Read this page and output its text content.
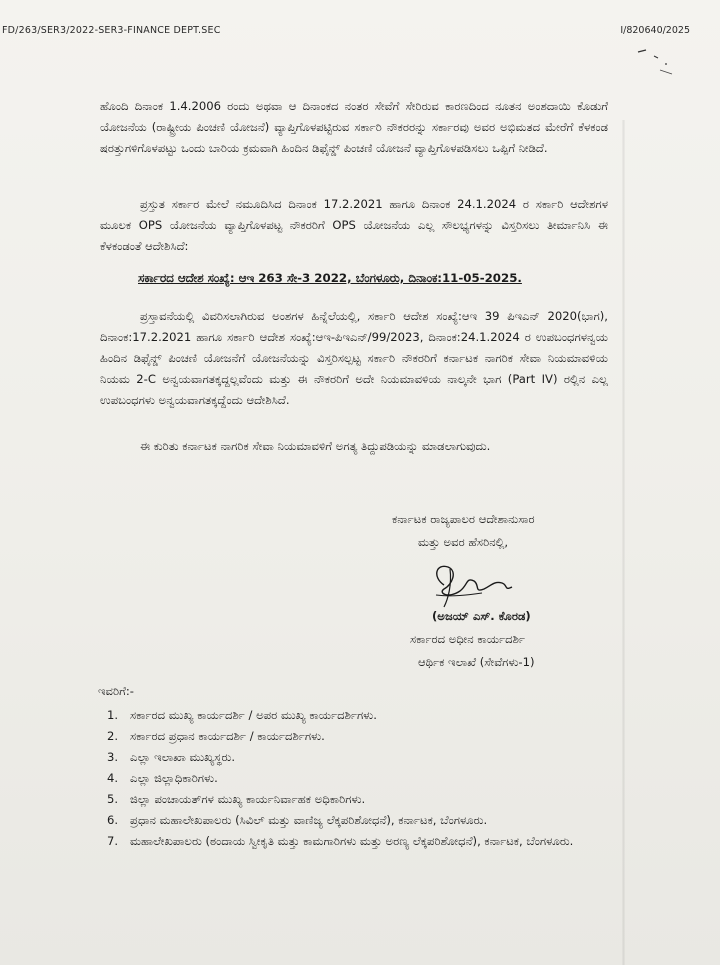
FD/263/SER3/2022-SER3-FINANCE DEPT.SEC	I/820640/2025

ಹೊಂದಿ ದಿನಾಂಕ 1.4.2006 ರಂದು ಅಥವಾ ಆ ದಿನಾಂಕದ ನಂತರ ಸೇವೆಗೆ ಸೇರಿರುವ ಕಾರಣದಿಂದ ನೂತನ ಅಂಶದಾಯಿ ಕೊಡುಗೆ ಯೋಜನೆಯ (ರಾಷ್ಟ್ರೀಯ ಪಿಂಚಣಿ ಯೋಜನೆ) ವ್ಯಾಪ್ತಿಗೊಳಪಟ್ಟಿರುವ ಸರ್ಕಾರಿ ನೌಕರರನ್ನು ಸರ್ಕಾರವು ಅವರ ಅಭಿಮತದ ಮೇರೆಗೆ ಕೆಳಕಂಡ ಷರತ್ತುಗಳಿಗೊಳಪಟ್ಟು ಒಂದು ಬಾರಿಯ ಕ್ರಮವಾಗಿ ಹಿಂದಿನ ಡಿಫೈನ್ಡ್ ಪಿಂಚಣಿ ಯೋಜನೆ ವ್ಯಾಪ್ತಿಗೊಳಪಡಿಸಲು ಒಪ್ಪಿಗೆ ನೀಡಿದೆ.

ಪ್ರಸ್ತುತ ಸರ್ಕಾರ ಮೇಲೆ ನಮೂದಿಸಿದ ದಿನಾಂಕ 17.2.2021 ಹಾಗೂ ದಿನಾಂಕ 24.1.2024 ರ ಸರ್ಕಾರಿ ಆದೇಶಗಳ ಮೂಲಕ OPS ಯೋಜನೆಯ ವ್ಯಾಪ್ತಿಗೊಳಪಟ್ಟ ನೌಕರರಿಗೆ OPS ಯೋಜನೆಯ ಎಲ್ಲ ಸೌಲಭ್ಯಗಳನ್ನು ವಿಸ್ತರಿಸಲು ತೀರ್ಮಾನಿಸಿ ಈ ಕೆಳಕಂಡಂತೆ ಆದೇಶಿಸಿದೆ:

ಸರ್ಕಾರದ ಆದೇಶ ಸಂಖ್ಯೆ: ಆಇ 263 ಸೇ-3 2022, ಬೆಂಗಳೂರು, ದಿನಾಂಕ:11-05-2025.

ಪ್ರಸ್ತಾವನೆಯಲ್ಲಿ ವಿವರಿಸಲಾಗಿರುವ ಅಂಶಗಳ ಹಿನ್ನೆಲೆಯಲ್ಲಿ, ಸರ್ಕಾರಿ ಆದೇಶ ಸಂಖ್ಯೆ:ಆಇ 39 ಪಿಇಎನ್ 2020(ಭಾಗ), ದಿನಾಂಕ:17.2.2021 ಹಾಗೂ ಸರ್ಕಾರಿ ಆದೇಶ ಸಂಖ್ಯೆ:ಆಇ-ಪಿಇಎನ್/99/2023, ದಿನಾಂಕ:24.1.2024 ರ ಉಪಬಂಧಗಳನ್ವಯ ಹಿಂದಿನ ಡಿಫೈನ್ಡ್ ಪಿಂಚಣಿ ಯೋಜನೆಗೆ ಯೋಜನೆಯನ್ನು ವಿಸ್ತರಿಸಲ್ಪಟ್ಟ ಸರ್ಕಾರಿ ನೌಕರರಿಗೆ ಕರ್ನಾಟಕ ನಾಗರಿಕ ಸೇವಾ ನಿಯಮಾವಳಿಯ ನಿಯಮ 2-C ಅನ್ವಯವಾಗತಕ್ಕದ್ದಲ್ಲವೆಂದು ಮತ್ತು ಈ ನೌಕರರಿಗೆ ಅದೇ ನಿಯಮಾವಳಿಯ ನಾಲ್ಕನೇ ಭಾಗ (Part IV) ರಲ್ಲಿನ ಎಲ್ಲ ಉಪಬಂಧಗಳು ಅನ್ವಯವಾಗತಕ್ಕದ್ದೆಂದು ಆದೇಶಿಸಿದೆ.

ಈ ಕುರಿತು ಕರ್ನಾಟಕ ನಾಗರಿಕ ಸೇವಾ ನಿಯಮಾವಳಿಗೆ ಅಗತ್ಯ ತಿದ್ದುಪಡಿಯನ್ನು ಮಾಡಲಾಗುವುದು.

ಕರ್ನಾಟಕ ರಾಜ್ಯಪಾಲರ ಆದೇಶಾನುಸಾರ
ಮತ್ತು ಅವರ ಹೆಸರಿನಲ್ಲಿ,
(ಅಜಯ್ ಎಸ್. ಕೊರಡ)
ಸರ್ಕಾರದ ಅಧೀನ ಕಾರ್ಯದರ್ಶಿ
ಆರ್ಥಿಕ ಇಲಾಖೆ (ಸೇವೆಗಳು-1)
ಇವರಿಗೆ:-
1. ಸರ್ಕಾರದ ಮುಖ್ಯ ಕಾರ್ಯದರ್ಶಿ / ಅಪರ ಮುಖ್ಯ ಕಾರ್ಯದರ್ಶಿಗಳು.
2. ಸರ್ಕಾರದ ಪ್ರಧಾನ ಕಾರ್ಯದರ್ಶಿ / ಕಾರ್ಯದರ್ಶಿಗಳು.
3. ಎಲ್ಲಾ ಇಲಾಖಾ ಮುಖ್ಯಸ್ಥರು.
4. ಎಲ್ಲಾ ಜಿಲ್ಲಾಧಿಕಾರಿಗಳು.
5. ಜಿಲ್ಲಾ ಪಂಚಾಯತ್‌ಗಳ ಮುಖ್ಯ ಕಾರ್ಯನಿರ್ವಾಹಕ ಅಧಿಕಾರಿಗಳು.
6. ಪ್ರಧಾನ ಮಹಾಲೇಖಪಾಲರು (ಸಿವಿಲ್ ಮತ್ತು ವಾಣಿಜ್ಯ ಲೆಕ್ಕಪರಿಶೋಧನೆ), ಕರ್ನಾಟಕ, ಬೆಂಗಳೂರು.
7. ಮಹಾಲೇಖಪಾಲರು (ಠಂದಾಯ ಸ್ವೀಕೃತಿ ಮತ್ತು ಕಾಮಗಾರಿಗಳು ಮತ್ತು ಅರಣ್ಯ ಲೆಕ್ಕಪರಿಶೋಧನೆ), ಕರ್ನಾಟಕ, ಬೆಂಗಳೂರು.
